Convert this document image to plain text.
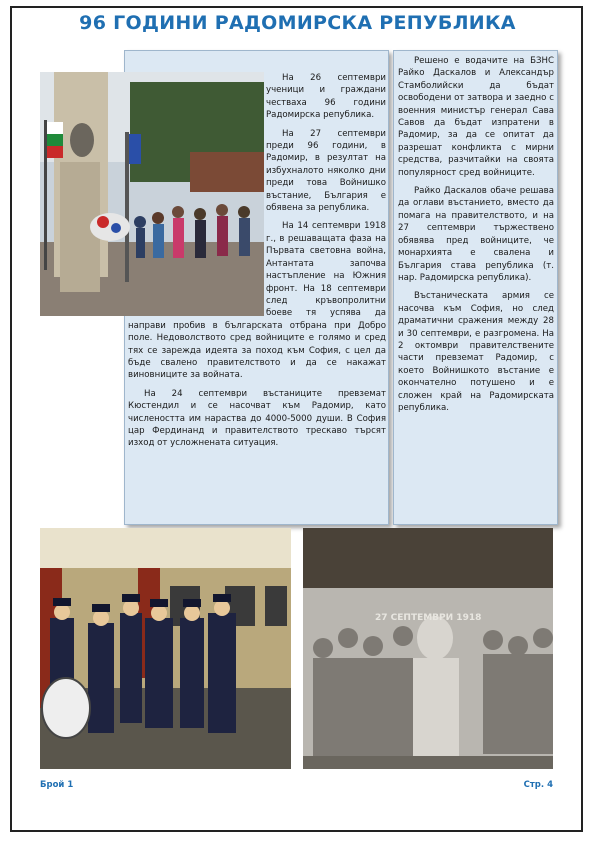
96 ГОДИНИ РАДОМИРСКА РЕПУБЛИКА

На 26 септември ученици и граждани честваха 96 години Радомирска република.

На 27 септември преди 96 години, в Радомир, в резултат на избухналото няколко дни преди това Войнишко въстание, България е обявена за република.

На 14 септември 1918 г., в решаващата фаза на Първата световна война, Антантата започва настъпление на Южния фронт. На 18 септември след кръвопролитни боеве тя успява да направи пробив в българската отбрана при Добро поле. Недоволството сред войниците е голямо и сред тях се зарежда идеята за поход към София, с цел да бъде свалено правителството и да се накажат виновниците за войната.

На 24 септември въстаниците превземат Кюстендил и се насочват към Радомир, като числеността им нараства до 4000-5000 души. В София цар Фердинанд и правителството трескаво търсят изход от усложнената ситуация.

Решено е водачите на БЗНС Райко Даскалов и Александър Стамболийски да бъдат освободени от затвора и заедно с военния министър генерал Сава Савов да бъдат изпратени в Радомир, за да се опитат да разрешат конфликта с мирни средства, разчитайки на своята популярност сред войниците.

Райко Даскалов обаче решава да оглави въстанието, вместо да помага на правителството, и на 27 септември тържествено обявява пред войниците, че монархията е свалена и България става република (т. нар. Радомирска република).

Въстаническата армия се насочва към София, но след драматични сражения между 28 и 30 септември, е разгромена. На 2 октомври правителствените части превземат Радомир, с което Войнишкото въстание е окончателно потушено и е сложен край на Радомирската република.

27 СЕПТЕМВРИ 1918
Брой 1	Стр. 4
